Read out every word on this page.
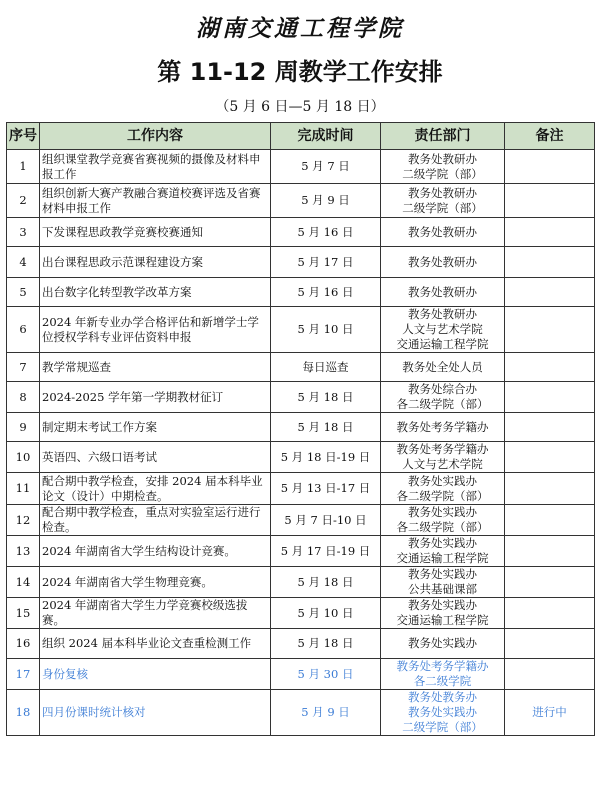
湖南交通工程学院
第 11-12 周教学工作安排
（5 月 6 日—5 月 18 日）
序号	工作内容	完成时间	责任部门	备注
1	组织课堂教学竞赛省赛视频的摄像及材料申报工作	5 月 7 日	教务处教研办
二级学院（部）	

2	组织创新大赛产教融合赛道校赛评选及省赛材料申报工作	5 月 9 日	教务处教研办
二级学院（部）	

3	下发课程思政教学竞赛校赛通知	5 月 16 日	教务处教研办	

4	出台课程思政示范课程建设方案	5 月 17 日	教务处教研办	

5	出台数字化转型教学改革方案	5 月 16 日	教务处教研办	

6	2024 年新专业办学合格评估和新增学士学位授权学科专业评估资料申报	5 月 10 日	教务处教研办
人文与艺术学院
交通运输工程学院	

7	教学常规巡查	每日巡查	教务处全处人员	

8	2024-2025 学年第一学期教材征订	5 月 18 日	教务处综合办
各二级学院（部）	

9	制定期末考试工作方案	5 月 18 日	教务处考务学籍办	

10	英语四、六级口语考试	5 月 18 日-19 日	教务处考务学籍办
人文与艺术学院	

11	配合期中教学检查，安排 2024 届本科毕业论文（设计）中期检查。	5 月 13 日-17 日	教务处实践办
各二级学院（部）	

12	配合期中教学检查，重点对实验室运行进行检查。	5 月 7 日-10 日	教务处实践办
各二级学院（部）	

13	2024 年湖南省大学生结构设计竞赛。	5 月 17 日-19 日	教务处实践办
交通运输工程学院	

14	2024 年湖南省大学生物理竞赛。	5 月 18 日	教务处实践办
公共基础课部	

15	2024 年湖南省大学生力学竞赛校级选拔赛。	5 月 10 日	教务处实践办
交通运输工程学院	

16	组织 2024 届本科毕业论文查重检测工作	5 月 18 日	教务处实践办	

17	身份复核	5 月 30 日	教务处考务学籍办
各二级学院	

18	四月份课时统计核对	5 月 9 日	教务处教务办
教务处实践办
二级学院（部）	进行中
